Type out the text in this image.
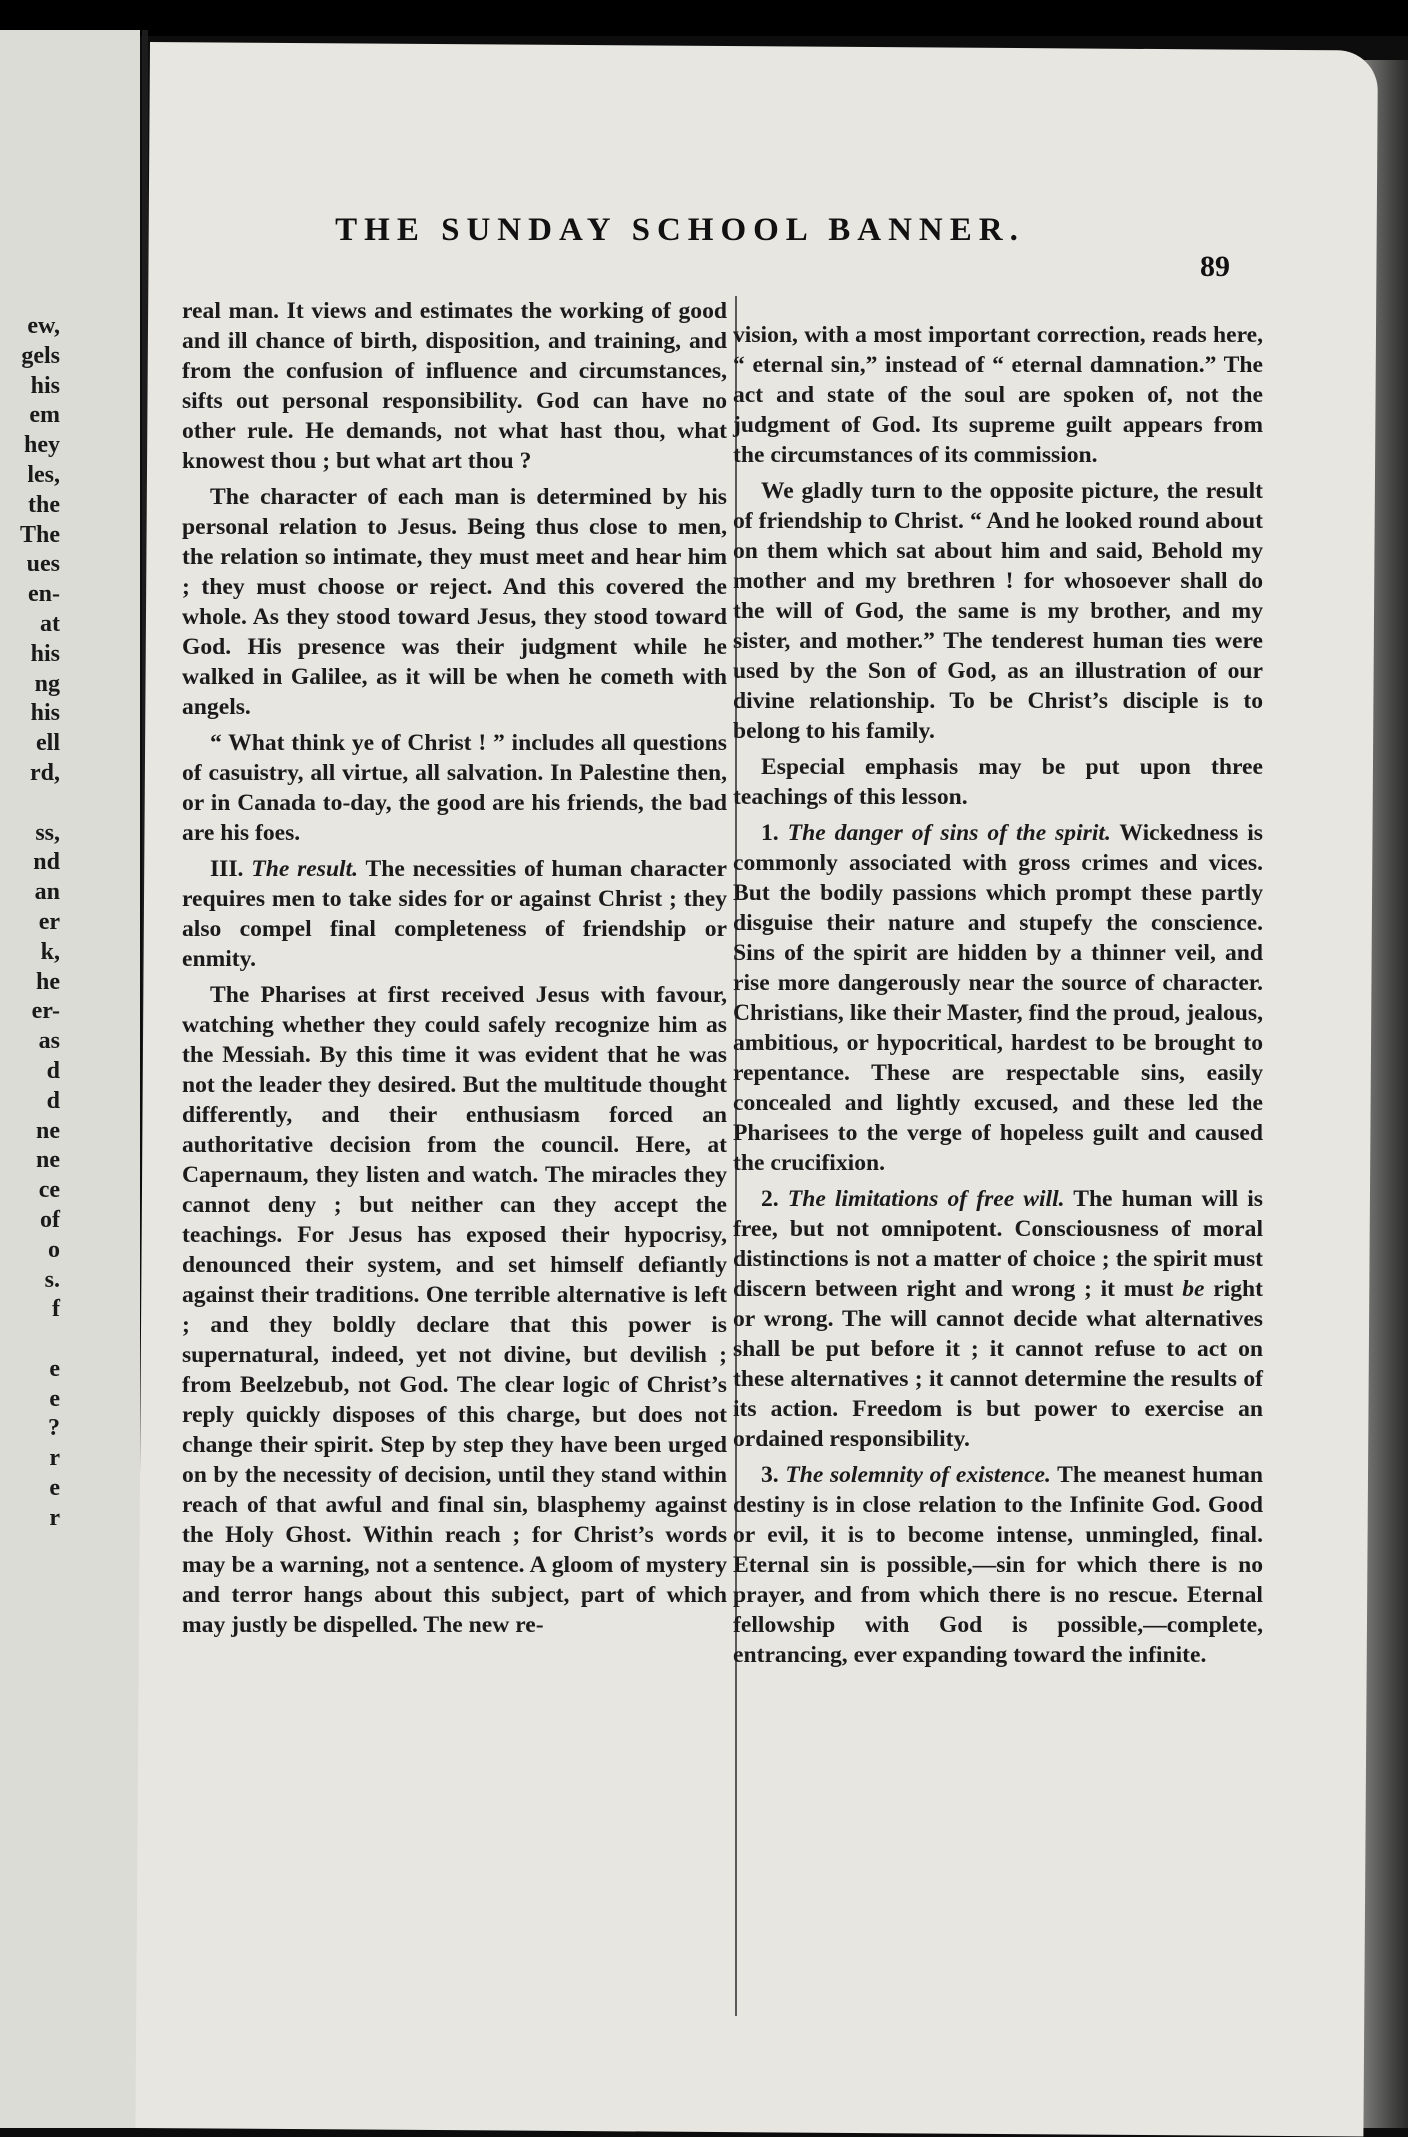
ew,
gels
his
em
hey
les,
the
The
ues
en-
at
his
ng
his
ell
rd,

ss,
nd
an
er
k,
he
er-
as
d
d
ne
ne
ce
of
o
s.
f

e
e
?
r
e
r
THE SUNDAY SCHOOL BANNER.
89

real man. It views and estimates the working of good and ill chance of birth, disposition, and training, and from the confusion of influence and circumstances, sifts out personal responsibility. God can have no other rule. He demands, not what hast thou, what knowest thou ; but what art thou ?

The character of each man is determined by his personal relation to Jesus. Being thus close to men, the relation so intimate, they must meet and hear him ; they must choose or reject. And this covered the whole. As they stood toward Jesus, they stood toward God. His presence was their judgment while he walked in Galilee, as it will be when he cometh with angels.

“ What think ye of Christ ! ” includes all questions of casuistry, all virtue, all salvation. In Palestine then, or in Canada to-day, the good are his friends, the bad are his foes.

III. The result. The necessities of human character requires men to take sides for or against Christ ; they also compel final completeness of friendship or enmity.

The Pharises at first received Jesus with favour, watching whether they could safely recognize him as the Messiah. By this time it was evident that he was not the leader they desired. But the multitude thought differently, and their enthusiasm forced an authoritative decision from the council. Here, at Capernaum, they listen and watch. The miracles they cannot deny ; but neither can they accept the teachings. For Jesus has exposed their hypocrisy, denounced their system, and set himself defiantly against their traditions. One terrible alternative is left ; and they boldly declare that this power is supernatural, indeed, yet not divine, but devilish ; from Beelzebub, not God. The clear logic of Christ’s reply quickly disposes of this charge, but does not change their spirit. Step by step they have been urged on by the necessity of decision, until they stand within reach of that awful and final sin, blasphemy against the Holy Ghost. Within reach ; for Christ’s words may be a warning, not a sentence. A gloom of mystery and terror hangs about this subject, part of which may justly be dispelled. The new re-

vision, with a most important correction, reads here, “ eternal sin,” instead of “ eternal damnation.” The act and state of the soul are spoken of, not the judgment of God. Its supreme guilt appears from the circumstances of its commission.

We gladly turn to the opposite picture, the result of friendship to Christ. “ And he looked round about on them which sat about him and said, Behold my mother and my brethren ! for whosoever shall do the will of God, the same is my brother, and my sister, and mother.” The tenderest human ties were used by the Son of God, as an illustration of our divine relationship. To be Christ’s disciple is to belong to his family.

Especial emphasis may be put upon three teachings of this lesson.

1. The danger of sins of the spirit. Wickedness is commonly associated with gross crimes and vices. But the bodily passions which prompt these partly disguise their nature and stupefy the conscience. Sins of the spirit are hidden by a thinner veil, and rise more dangerously near the source of character. Christians, like their Master, find the proud, jealous, ambitious, or hypocritical, hardest to be brought to repentance. These are respectable sins, easily concealed and lightly excused, and these led the Pharisees to the verge of hopeless guilt and caused the crucifixion.

2. The limitations of free will. The human will is free, but not omnipotent. Consciousness of moral distinctions is not a matter of choice ; the spirit must discern between right and wrong ; it must be right or wrong. The will cannot decide what alternatives shall be put before it ; it cannot refuse to act on these alternatives ; it cannot determine the results of its action. Freedom is but power to exercise an ordained responsibility.

3. The solemnity of existence. The meanest human destiny is in close relation to the Infinite God. Good or evil, it is to become intense, unmingled, final. Eternal sin is possible,—sin for which there is no prayer, and from which there is no rescue. Eternal fellowship with God is possible,—complete, entrancing, ever expanding toward the infinite.
